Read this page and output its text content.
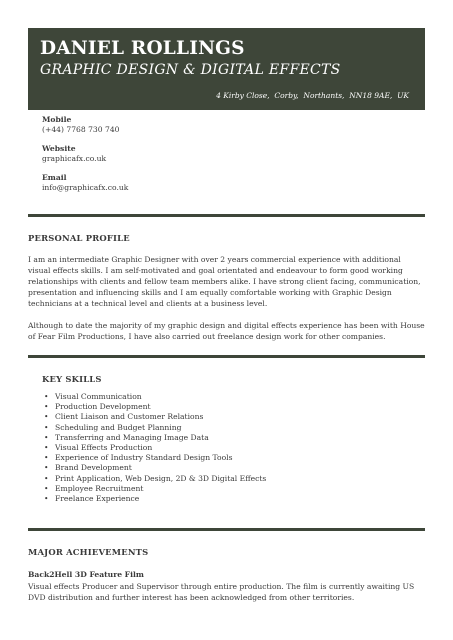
DANIEL ROLLINGS
GRAPHIC DESIGN & DIGITAL EFFECTS
4 Kirby Close,  Corby,  Northants,  NN18 9AE,  UK
Mobile
(+44) 7768 730 740
Website
graphicafx.co.uk
Email
info@graphicafx.co.uk
PERSONAL PROFILE

I am an intermediate Graphic Designer with over 2 years commercial experience with additional visual effects skills. I am self-motivated and goal orientated and endeavour to form good working relationships with clients and fellow team members alike. I have strong client facing, communication, presentation and influencing skills and I am equally comfortable working with Graphic Design technicians at a technical level and clients at a business level.

Although to date the majority of my graphic design and digital effects experience has been with House of Fear Film Productions, I have also carried out freelance design work for other companies.

KEY SKILLS
• Visual Communication
• Production Development
• Client Liaison and Customer Relations
• Scheduling and Budget Planning
• Transferring and Managing Image Data
• Visual Effects Production
• Experience of Industry Standard Design Tools
• Brand Development
• Print Application, Web Design, 2D & 3D Digital Effects
• Employee Recruitment
• Freelance Experience
MAJOR ACHIEVEMENTS
Back2Hell 3D Feature Film

Visual effects Producer and Supervisor through entire production. The film is currently awaiting US DVD distribution and further interest has been acknowledged from other territories.
